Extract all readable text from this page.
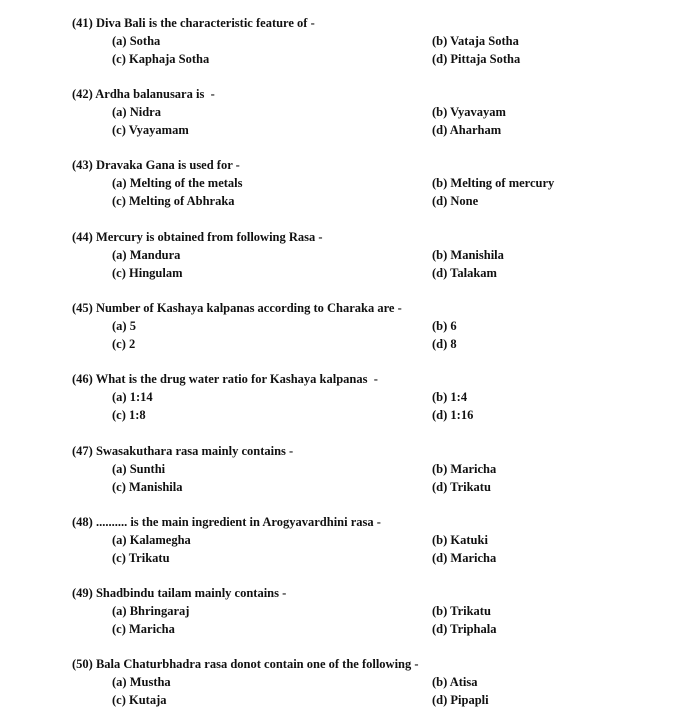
(41) Diva Bali is the characteristic feature of -
(a) Sotha	(b) Vataja Sotha
(c) Kaphaja Sotha	(d) Pittaja Sotha
(42) Ardha balanusara is  -
(a) Nidra	(b) Vyavayam
(c) Vyayamam	(d) Aharham
(43) Dravaka Gana is used for -
(a) Melting of the metals	(b) Melting of mercury
(c) Melting of Abhraka	(d) None
(44) Mercury is obtained from following Rasa -
(a) Mandura	(b) Manishila
(c) Hingulam	(d) Talakam
(45) Number of Kashaya kalpanas according to Charaka are -
(a) 5	(b) 6
(c) 2	(d) 8
(46) What is the drug water ratio for Kashaya kalpanas  -
(a) 1:14	(b) 1:4
(c) 1:8	(d) 1:16
(47) Swasakuthara rasa mainly contains -
(a) Sunthi	(b) Maricha
(c) Manishila	(d) Trikatu
(48) .......... is the main ingredient in Arogyavardhini rasa -
(a) Kalamegha	(b) Katuki
(c) Trikatu	(d) Maricha
(49) Shadbindu tailam mainly contains -
(a) Bhringaraj	(b) Trikatu
(c) Maricha	(d) Triphala
(50) Bala Chaturbhadra rasa donot contain one of the following -
(a) Mustha	(b) Atisa
(c) Kutaja	(d) Pipapli
